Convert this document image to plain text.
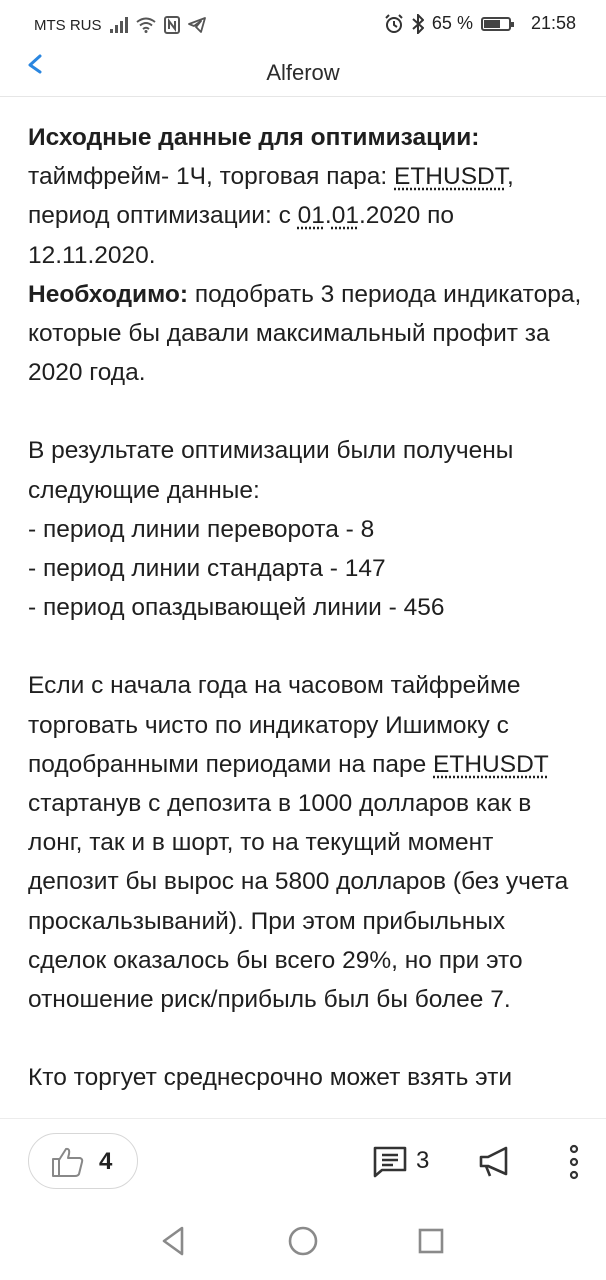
MTS RUS	65 %	21:58
Alferow

Исходные данные для оптимизации:
таймфрейм- 1Ч, торговая пара: ETHUSDT,
период оптимизации: с 01.01.2020 по
12.11.2020.
Необходимо: подобрать 3 периода индикатора, которые бы давали максимальный профит за 2020 года.

В результате оптимизации были получены следующие данные:
- период линии переворота - 8
- период линии стандарта - 147
- период опаздывающей линии - 456

Если с начала года на часовом тайфрейме торговать чисто по индикатору Ишимоку с подобранными периодами на паре ETHUSDT стартанув с депозита в 1000 долларов как в лонг, так и в шорт, то на текущий момент депозит бы вырос на 5800 долларов (без учета проскальзываний). При этом прибыльных сделок оказалось бы всего 29%, но при это отношение риск/прибыль был бы более 7.

Кто торгует среднесрочно может взять эти

4	3
